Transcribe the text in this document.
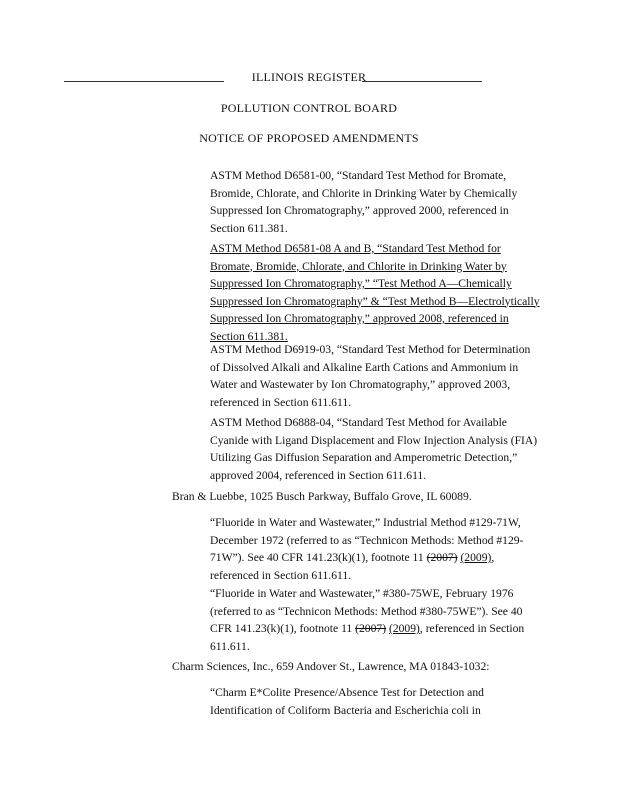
ILLINOIS REGISTER
POLLUTION CONTROL BOARD
NOTICE OF PROPOSED AMENDMENTS
ASTM Method D6581-00, “Standard Test Method for Bromate, Bromide, Chlorate, and Chlorite in Drinking Water by Chemically Suppressed Ion Chromatography,” approved 2000, referenced in Section 611.381.
ASTM Method D6581-08 A and B, “Standard Test Method for Bromate, Bromide, Chlorate, and Chlorite in Drinking Water by Suppressed Ion Chromatography,” “Test Method A—Chemically Suppressed Ion Chromatography” & “Test Method B—Electrolytically Suppressed Ion Chromatography,” approved 2008, referenced in Section 611.381.
ASTM Method D6919-03, “Standard Test Method for Determination of Dissolved Alkali and Alkaline Earth Cations and Ammonium in Water and Wastewater by Ion Chromatography,” approved 2003, referenced in Section 611.611.
ASTM Method D6888-04, “Standard Test Method for Available Cyanide with Ligand Displacement and Flow Injection Analysis (FIA) Utilizing Gas Diffusion Separation and Amperometric Detection,” approved 2004, referenced in Section 611.611.
Bran & Luebbe, 1025 Busch Parkway, Buffalo Grove, IL 60089.
“Fluoride in Water and Wastewater,” Industrial Method #129-71W, December 1972 (referred to as “Technicon Methods: Method #129-71W”). See 40 CFR 141.23(k)(1), footnote 11 (2007) (2009), referenced in Section 611.611.
“Fluoride in Water and Wastewater,” #380-75WE, February 1976 (referred to as “Technicon Methods: Method #380-75WE”). See 40 CFR 141.23(k)(1), footnote 11 (2007) (2009), referenced in Section 611.611.
Charm Sciences, Inc., 659 Andover St., Lawrence, MA 01843-1032:
“Charm E*Colite Presence/Absence Test for Detection and Identification of Coliform Bacteria and Escherichia coli in
